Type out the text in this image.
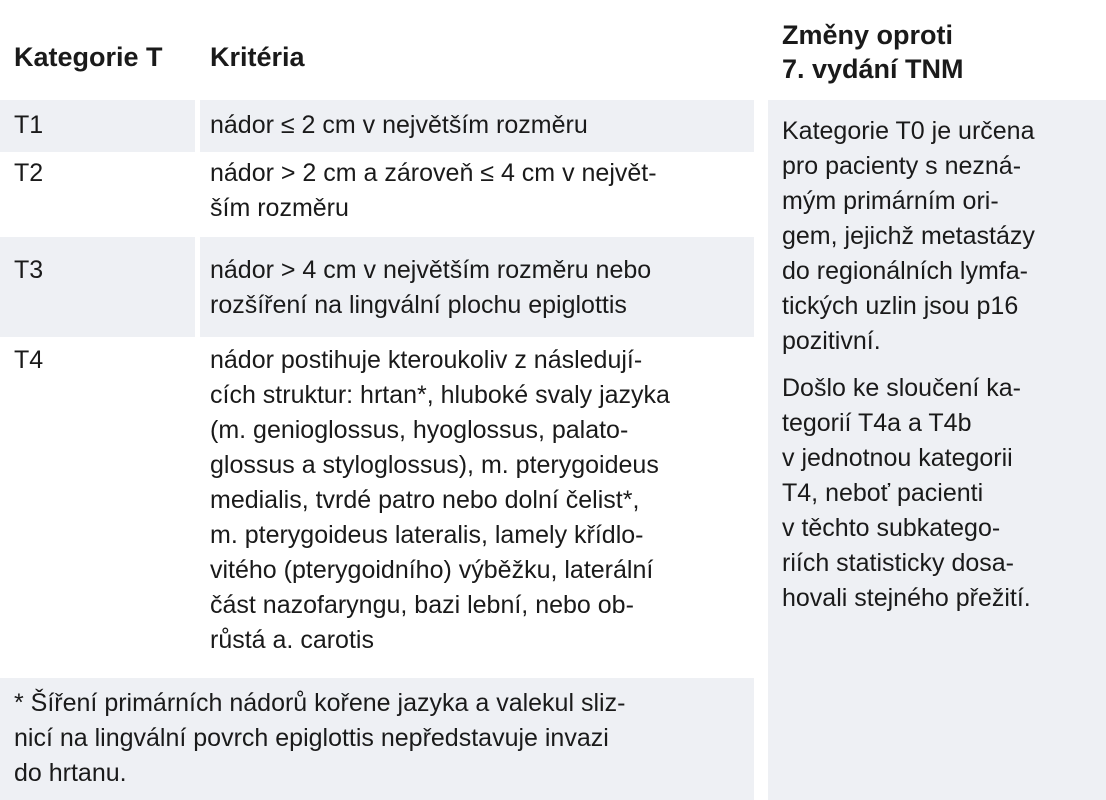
Kategorie T Kritéria
Změny oproti
7. vydání TNM
T1	nádor ≤ 2 cm v největším rozměru
T2	nádor > 2 cm a zároveň ≤ 4 cm v největ-
ším rozměru
T3	nádor > 4 cm v největším rozměru nebo
rozšíření na lingvální plochu epiglottis
T4	nádor postihuje kteroukoliv z následují-
cích struktur: hrtan*, hluboké svaly jazyka
(m. genioglossus, hyoglossus, palato-
glossus a styloglossus), m. pterygoideus
medialis, tvrdé patro nebo dolní čelist*,
m. pterygoideus lateralis, lamely křídlo-
vitého (pterygoidního) výběžku, laterální
část nazofaryngu, bazi lební, nebo ob-
růstá a. carotis
* Šíření primárních nádorů kořene jazyka a valekul sliz-
nicí na lingvální povrch epiglottis nepředstavuje invazi
do hrtanu.
Kategorie T0 je určena
pro pacienty s nezná-
mým primárním ori-
gem, jejichž metastázy
do regionálních lymfa-
tických uzlin jsou p16
pozitivní.
Došlo ke sloučení ka-
tegorií T4a a T4b
v jednotnou kategorii
T4, neboť pacienti
v těchto subkatego-
riích statisticky dosa-
hovali stejného přežití.
